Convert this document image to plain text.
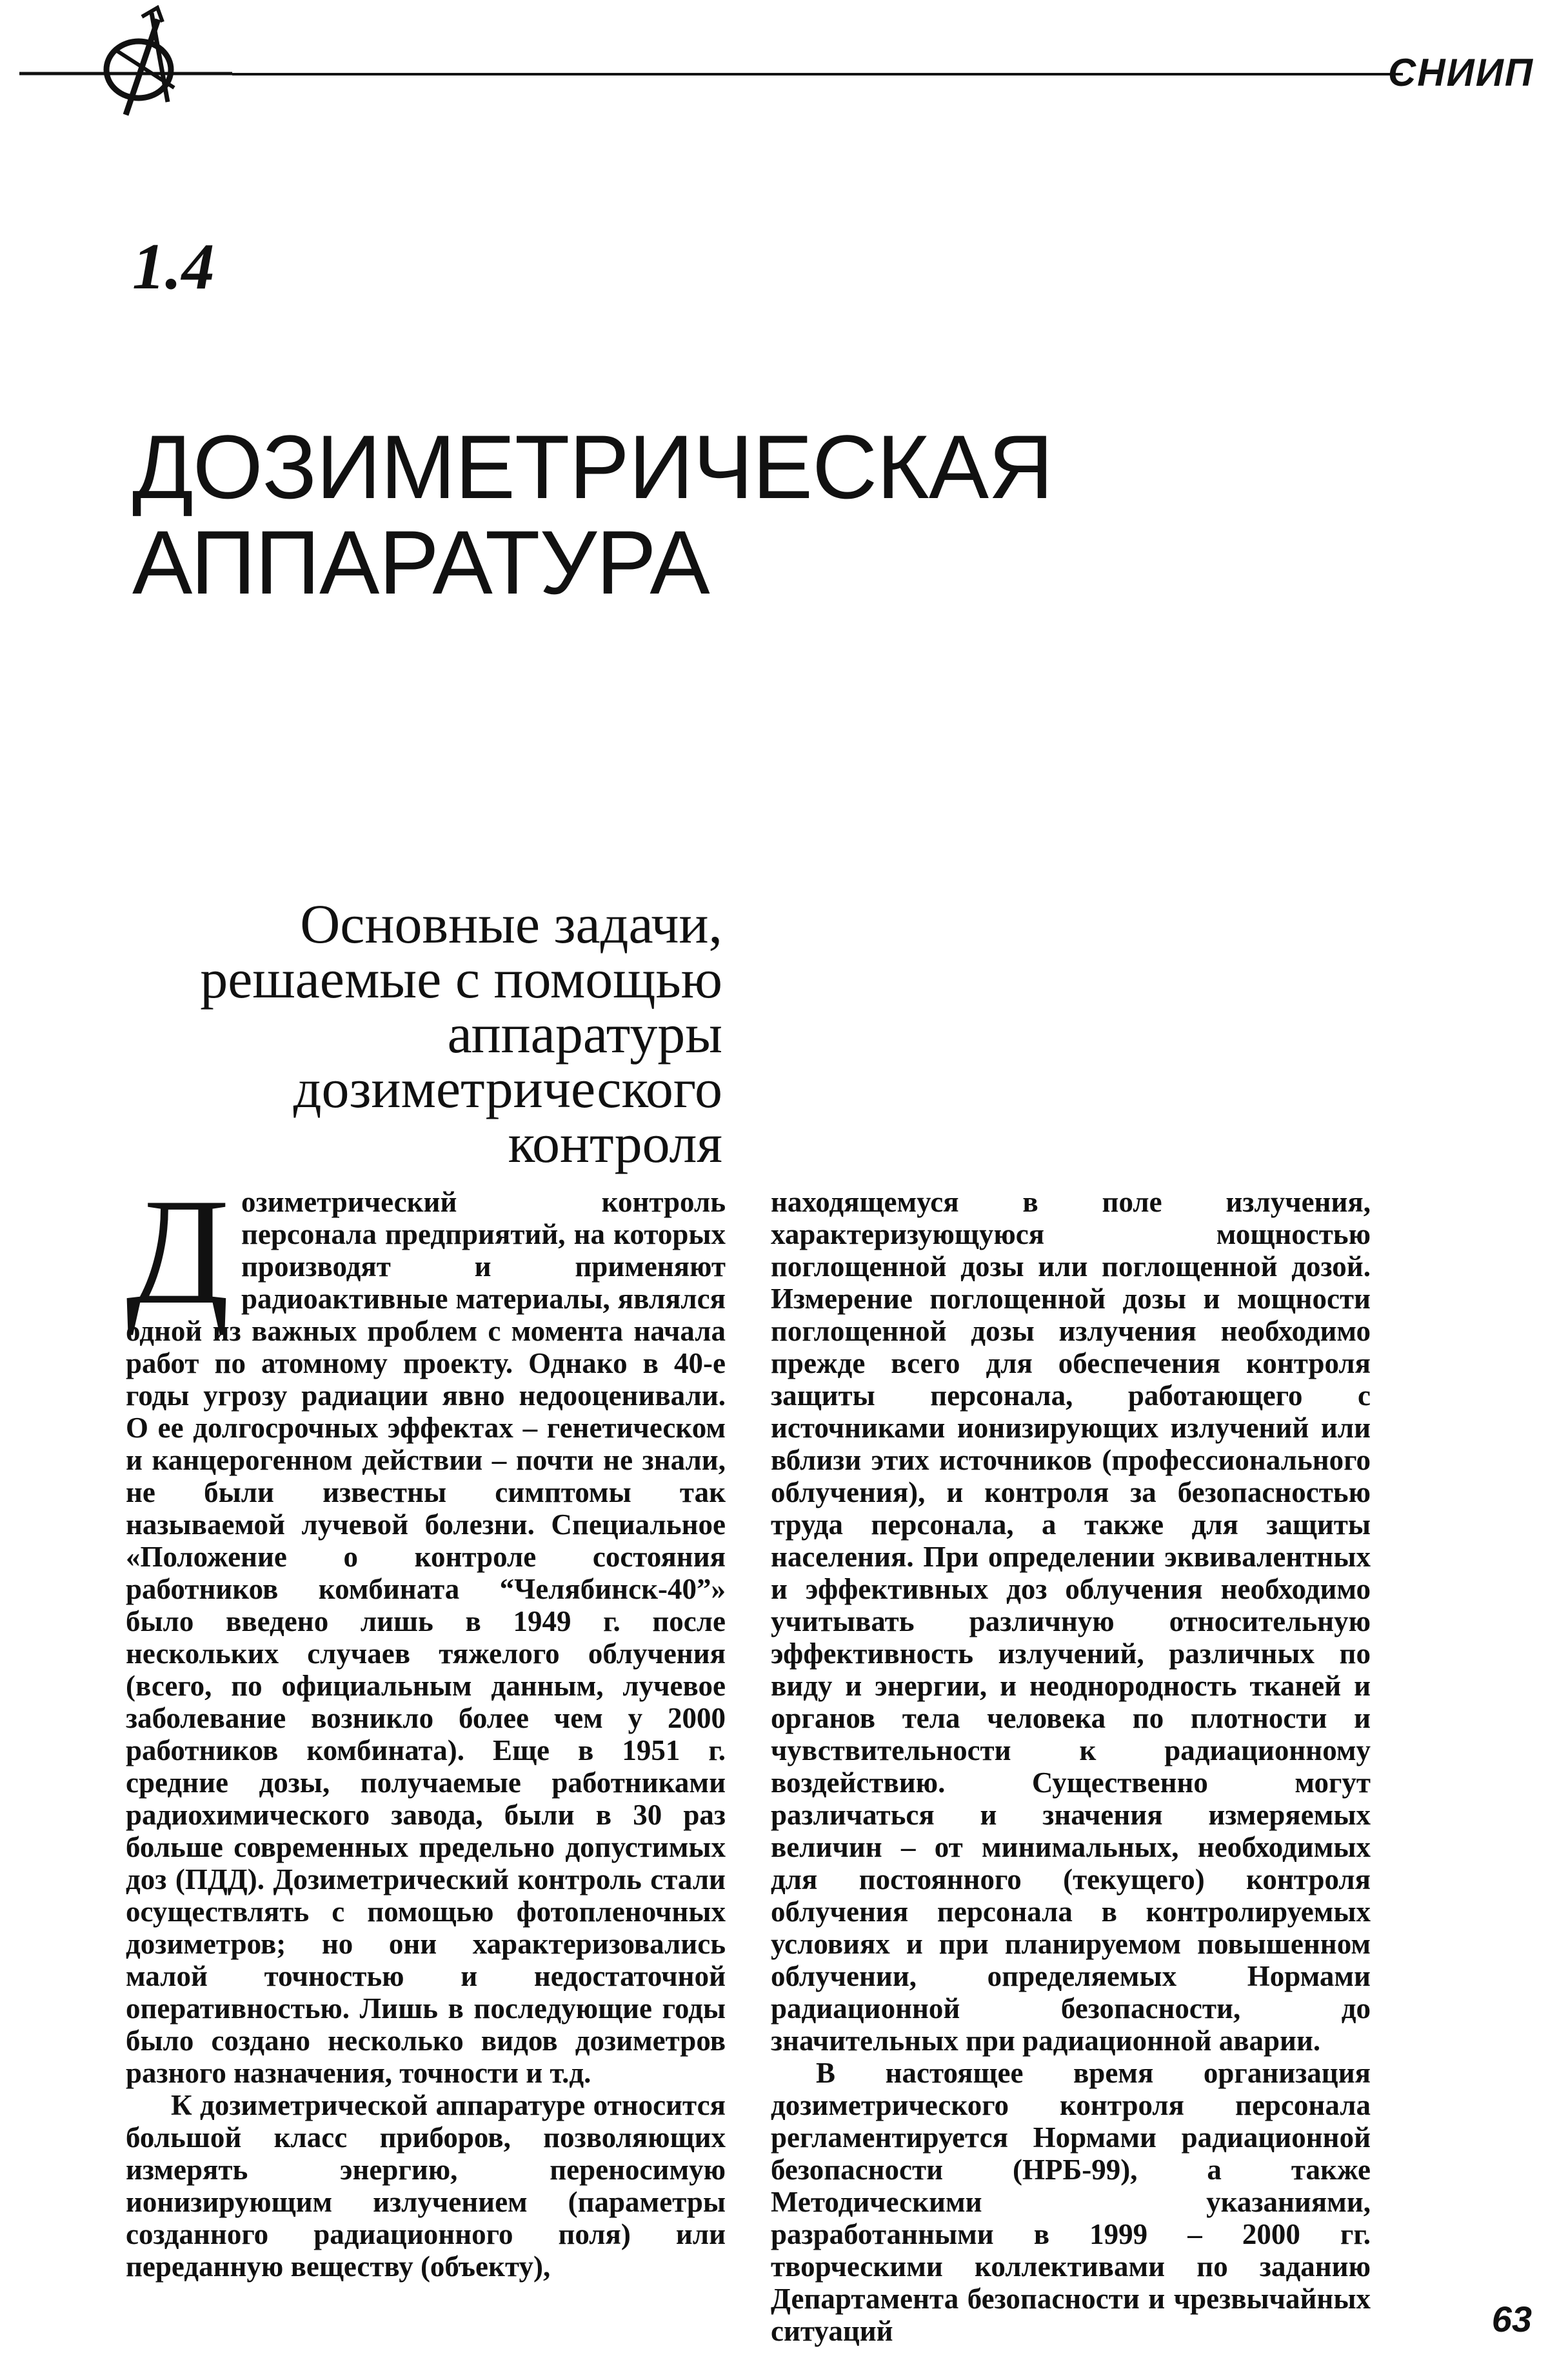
СНИИП
1.4
ДОЗИМЕТРИЧЕСКАЯ
АППАРАТУРА
Основные задачи,
решаемые с помощью
аппаратуры
дозиметрического
контроля

Дозиметрический контроль персонала предприятий, на которых производят и применяют радиоактивные материалы, являлся одной из важных проблем с момента начала работ по атомному проекту. Однако в 40-е годы угрозу радиации явно недооценивали. О ее долгосрочных эффектах – генетическом и канцерогенном действии – почти не знали, не были известны симптомы так называемой лучевой болезни. Специальное «Положение о контроле состояния работников комбината “Челябинск-40”» было введено лишь в 1949 г. после нескольких случаев тяжелого облучения (всего, по официальным данным, лучевое заболевание возникло более чем у 2000 работников комбината). Еще в 1951 г. средние дозы, получаемые работниками радиохимического завода, были в 30 раз больше современных предельно допустимых доз (ПДД). Дозиметрический контроль стали осуществлять с помощью фотопленочных дозиметров; но они характеризовались малой точностью и недостаточной оперативностью. Лишь в последующие годы было создано несколько видов дозиметров разного назначения, точности и т.д.

К дозиметрической аппаратуре относится большой класс приборов, позволяющих измерять энергию, переносимую ионизирующим излучением (параметры созданного радиационного поля) или переданную веществу (объекту),

находящемуся в поле излучения, характеризующуюся мощностью поглощенной дозы или поглощенной дозой. Измерение поглощенной дозы и мощности поглощенной дозы излучения необходимо прежде всего для обеспечения контроля защиты персонала, работающего с источниками ионизирующих излучений или вблизи этих источников (профессионального облучения), и контроля за безопасностью труда персонала, а также для защиты населения. При определении эквивалентных и эффективных доз облучения необходимо учитывать различную относительную эффективность излучений, различных по виду и энергии, и неоднородность тканей и органов тела человека по плотности и чувствительности к радиационному воздействию. Существенно могут различаться и значения измеряемых величин – от минимальных, необходимых для постоянного (текущего) контроля облучения персонала в контролируемых условиях и при планируемом повышенном облучении, определяемых Нормами радиационной безопасности, до значительных при радиационной аварии.

В настоящее время организация дозиметрического контроля персонала регламентируется Нормами радиационной безопасности (НРБ-99), а также Методическими указаниями, разработанными в 1999 – 2000 гг. творческими коллективами по заданию Департамента безопасности и чрезвычайных ситуаций	63
